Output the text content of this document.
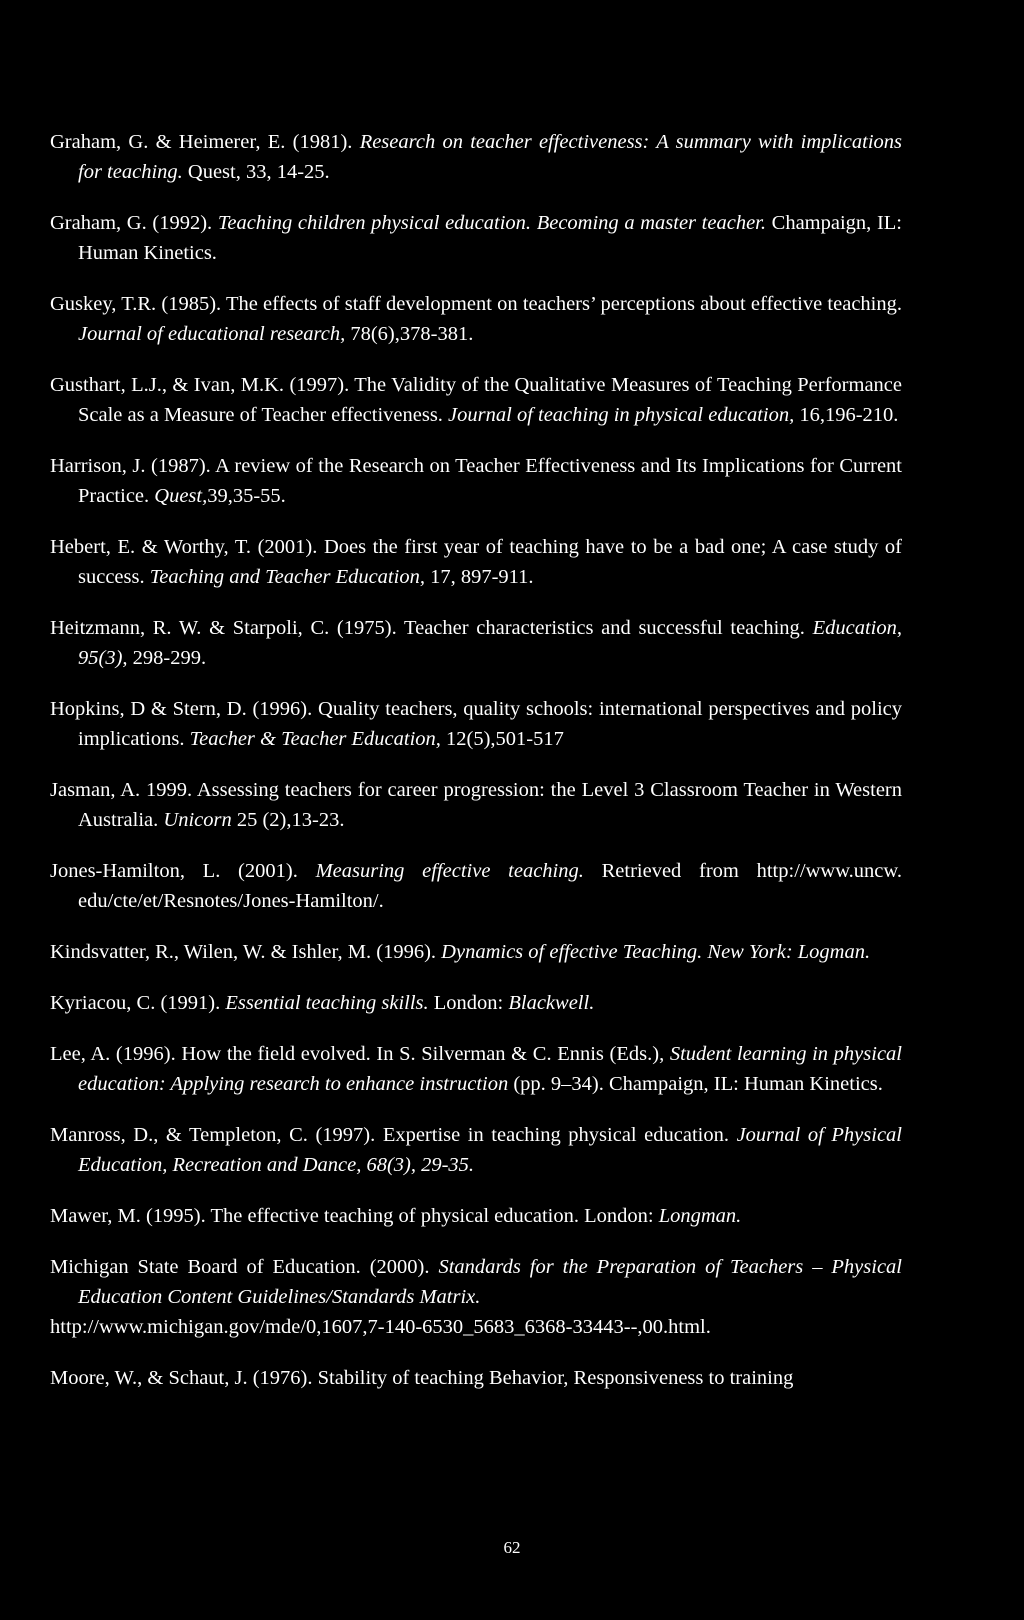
Graham, G. & Heimerer, E. (1981). Research on teacher effectiveness: A summary with implications for teaching. Quest, 33, 14-25.

Graham, G. (1992). Teaching children physical education. Becoming a master teacher. Champaign, IL: Human Kinetics.

Guskey, T.R. (1985). The effects of staff development on teachers’ perceptions about effective teaching. Journal of educational research, 78(6),378-381.

Gusthart, L.J., & Ivan, M.K. (1997). The Validity of the Qualitative Measures of Teaching Performance Scale as a Measure of Teacher effectiveness. Journal of teaching in physical education, 16,196-210.

Harrison, J. (1987). A review of the Research on Teacher Effectiveness and Its Implications for Current Practice. Quest,39,35-55.

Hebert, E. & Worthy, T. (2001). Does the first year of teaching have to be a bad one; A case study of success. Teaching and Teacher Education, 17, 897-911.

Heitzmann, R. W. & Starpoli, C. (1975). Teacher characteristics and successful teaching. Education, 95(3), 298-299.

Hopkins, D & Stern, D. (1996). Quality teachers, quality schools: international perspectives and policy implications. Teacher & Teacher Education, 12(5),501-517

Jasman, A. 1999. Assessing teachers for career progression: the Level 3 Classroom Teacher in Western Australia. Unicorn 25 (2),13-23.

Jones-Hamilton, L. (2001). Measuring effective teaching. Retrieved from http://www.uncw. edu/cte/et/Resnotes/Jones-Hamilton/.

Kindsvatter, R., Wilen, W. & Ishler, M. (1996). Dynamics of effective Teaching. New York: Logman.

Kyriacou, C. (1991). Essential teaching skills. London: Blackwell.

Lee, A. (1996). How the field evolved. In S. Silverman & C. Ennis (Eds.), Student learning in physical education: Applying research to enhance instruction (pp. 9–34). Champaign, IL: Human Kinetics.

Manross, D., & Templeton, C. (1997). Expertise in teaching physical education. Journal of Physical Education, Recreation and Dance, 68(3), 29-35.

Mawer, M. (1995). The effective teaching of physical education. London: Longman.

Michigan State Board of Education. (2000). Standards for the Preparation of Teachers – Physical Education Content Guidelines/Standards Matrix.
http://www.michigan.gov/mde/0,1607,7-140-6530_5683_6368-33443--,00.html.

Moore, W., & Schaut, J. (1976). Stability of teaching Behavior, Responsiveness to training

62
